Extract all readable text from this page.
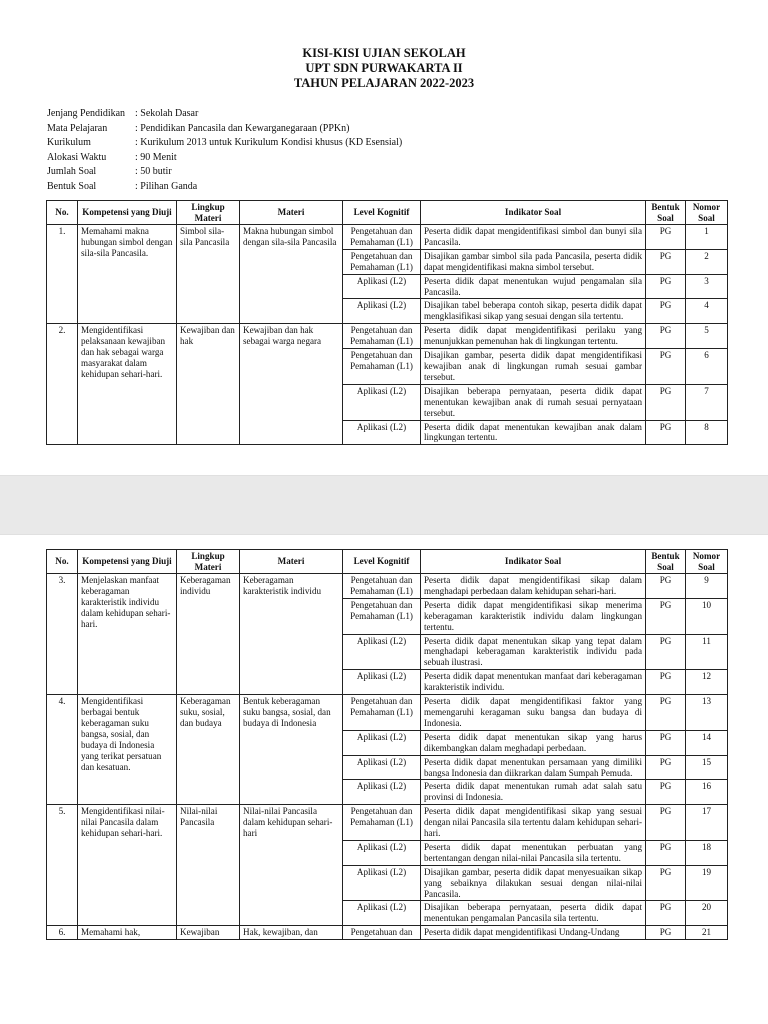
KISI-KISI UJIAN SEKOLAH
UPT SDN PURWAKARTA II
TAHUN PELAJARAN 2022-2023
Jenjang Pendidikan : Sekolah Dasar
Mata Pelajaran	: Pendidikan Pancasila dan Kewarganegaraan (PPKn)
Kurikulum	: Kurikulum 2013 untuk Kurikulum Kondisi khusus (KD Esensial)
Alokasi Waktu	: 90 Menit
Jumlah Soal	: 50 butir
Bentuk Soal	: Pilihan Ganda
No.	Kompetensi yang Diuji	Lingkup Materi	Materi	Level Kognitif	Indikator Soal	Bentuk Soal	Nomor Soal
1.	Memahami makna hubungan simbol dengan sila-sila Pancasila.	Simbol sila-sila Pancasila	Makna hubungan simbol dengan sila-sila Pancasila	Pengetahuan dan Pemahaman (L1)	Peserta didik dapat mengidentifikasi simbol dan bunyi sila Pancasila.	PG	1
				Pengetahuan dan Pemahaman (L1)	Disajikan gambar simbol sila pada Pancasila, peserta didik dapat mengidentifikasi makna simbol tersebut.	PG	2
				Aplikasi (L2)	Peserta didik dapat menentukan wujud pengamalan sila Pancasila.	PG	3
				Aplikasi (L2)	Disajikan tabel beberapa contoh sikap, peserta didik dapat mengklasifikasi sikap yang sesuai dengan sila tertentu.	PG	4
2.	Mengidentifikasi pelaksanaan kewajiban dan hak sebagai warga masyarakat dalam kehidupan sehari-hari.	Kewajiban dan hak	Kewajiban dan hak sebagai warga negara	Pengetahuan dan Pemahaman (L1)	Peserta didik dapat mengidentifikasi perilaku yang menunjukkan pemenuhan hak di lingkungan tertentu.	PG	5
				Pengetahuan dan Pemahaman (L1)	Disajikan gambar, peserta didik dapat mengidentifikasi kewajiban anak di lingkungan rumah sesuai gambar tersebut.	PG	6
				Aplikasi (L2)	Disajikan beberapa pernyataan, peserta didik dapat menentukan kewajiban anak di rumah sesuai pernyataan tersebut.	PG	7
				Aplikasi (L2)	Peserta didik dapat menentukan kewajiban anak dalam lingkungan tertentu.	PG	8
No.	Kompetensi yang Diuji	Lingkup Materi	Materi	Level Kognitif	Indikator Soal	Bentuk Soal	Nomor Soal
3.	Menjelaskan manfaat keberagaman karakteristik individu dalam kehidupan sehari-hari.	Keberagaman individu	Keberagaman karakteristik individu	Pengetahuan dan Pemahaman (L1)	Peserta didik dapat mengidentifikasi sikap dalam menghadapi perbedaan dalam kehidupan sehari-hari.	PG	9
				Pengetahuan dan Pemahaman (L1)	Peserta didik dapat mengidentifikasi sikap menerima keberagaman karakteristik individu dalam lingkungan tertentu.	PG	10
				Aplikasi (L2)	Peserta didik dapat menentukan sikap yang tepat dalam menghadapi keberagaman karakteristik individu pada sebuah ilustrasi.	PG	11
				Aplikasi (L2)	Peserta didik dapat menentukan manfaat dari keberagaman karakteristik individu.	PG	12
4.	Mengidentifikasi berbagai bentuk keberagaman suku bangsa, sosial, dan budaya di Indonesia yang terikat persatuan dan kesatuan.	Keberagaman suku, sosial, dan budaya	Bentuk keberagaman suku bangsa, sosial, dan budaya di Indonesia	Pengetahuan dan Pemahaman (L1)	Peserta didik dapat mengidentifikasi faktor yang memengaruhi keragaman suku bangsa dan budaya di Indonesia.	PG	13
				Aplikasi (L2)	Peserta didik dapat menentukan sikap yang harus dikembangkan dalam meghadapi perbedaan.	PG	14
				Aplikasi (L2)	Peserta didik dapat menentukan persamaan yang dimiliki bangsa Indonesia dan diikrarkan dalam Sumpah Pemuda.	PG	15
				Aplikasi (L2)	Peserta didik dapat menentukan rumah adat salah satu provinsi di Indonesia.	PG	16
5.	Mengidentifikasi nilai-nilai Pancasila dalam kehidupan sehari-hari.	Nilai-nilai Pancasila	Nilai-nilai Pancasila dalam kehidupan sehari-hari	Pengetahuan dan Pemahaman (L1)	Peserta didik dapat mengidentifikasi sikap yang sesuai dengan nilai Pancasila sila tertentu dalam kehidupan sehari-hari.	PG	17
				Aplikasi (L2)	Peserta didik dapat menentukan perbuatan yang bertentangan dengan nilai-nilai Pancasila sila tertentu.	PG	18
				Aplikasi (L2)	Disajikan gambar, peserta didik dapat menyesuaikan sikap yang sebaiknya dilakukan sesuai dengan nilai-nilai Pancasila.	PG	19
				Aplikasi (L2)	Disajikan beberapa pernyataan, peserta didik dapat menentukan pengamalan Pancasila sila tertentu.	PG	20
6.	Memahami hak,	Kewajiban	Hak, kewajiban, dan	Pengetahuan dan	Peserta didik dapat mengidentifikasi Undang-Undang	PG	21
